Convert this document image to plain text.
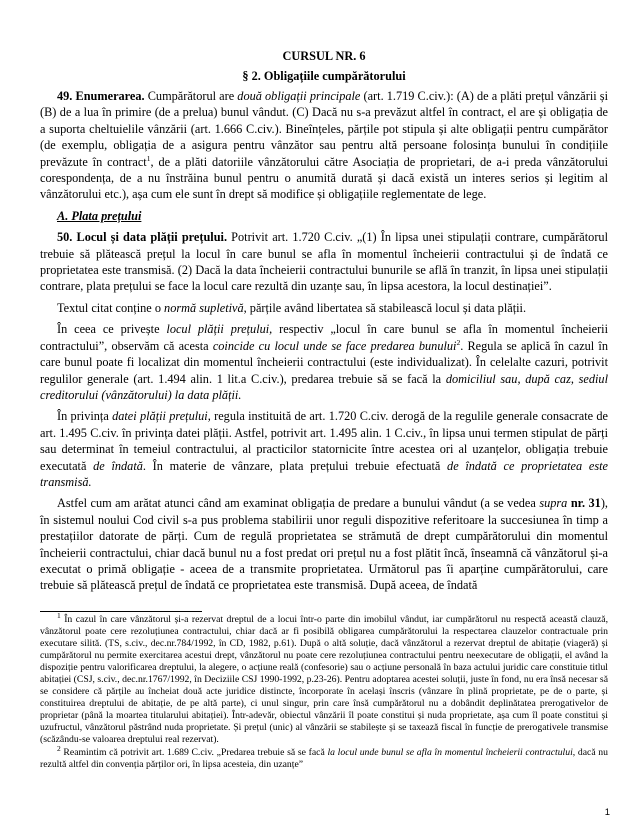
CURSUL NR. 6
§ 2. Obligațiile cumpărătorului

49. Enumerarea. Cumpărătorul are două obligații principale (art. 1.719 C.civ.): (A) de a plăti prețul vânzării și (B) de a lua în primire (de a prelua) bunul vândut. (C) Dacă nu s-a prevăzut altfel în contract, el are și obligația de a suporta cheltuielile vânzării (art. 1.666 C.civ.). Bineînțeles, părțile pot stipula și alte obligații pentru cumpărător (de exemplu, obligația de a asigura pentru vânzător sau pentru altă persoane folosința bunului în condițiile prevăzute în contract$^1$, de a plăti datoriile vânzătorului către Asociația de proprietari, de a-i preda vânzătorului corespondența, de a nu înstrăina bunul pentru o anumită durată și dacă există un interes serios și legitim al vânzătorului etc.), așa cum ele sunt în drept să modifice și obligațiile reglementate de lege.

A. Plata prețului

50. Locul și data plății prețului. Potrivit art. 1.720 C.civ. „(1) În lipsa unei stipulații contrare, cumpărătorul trebuie să plătească prețul la locul în care bunul se afla în momentul încheierii contractului și de îndată ce proprietatea este transmisă. (2) Dacă la data încheierii contractului bunurile se află în tranzit, în lipsa unei stipulații contrare, plata prețului se face la locul care rezultă din uzanțe sau, în lipsa acestora, la locul destinației”.

Textul citat conține o normă supletivă, părțile având libertatea să stabilească locul și data plății.

În ceea ce privește locul plății prețului, respectiv „locul în care bunul se afla în momentul încheierii contractului”, observăm că acesta coincide cu locul unde se face predarea bunului$^2$. Regula se aplică în cazul în care bunul poate fi localizat din momentul încheierii contractului (este individualizat). În celelalte cazuri, potrivit regulilor generale (art. 1.494 alin. 1 lit.a C.civ.), predarea trebuie să se facă la domiciliul sau, după caz, sediul creditorului (vânzătorului) la data plății.

În privința datei plății prețului, regula instituită de art. 1.720 C.civ. derogă de la regulile generale consacrate de art. 1.495 C.civ. în privința datei plății. Astfel, potrivit art. 1.495 alin. 1 C.civ., în lipsa unui termen stipulat de părți sau determinat în temeiul contractului, al practicilor statornicite între acestea ori al uzanțelor, obligația trebuie executată de îndată. În materie de vânzare, plata prețului trebuie efectuată de îndată ce proprietatea este transmisă.

Astfel cum am arătat atunci când am examinat obligația de predare a bunului vândut (a se vedea supra nr. 31), în sistemul noului Cod civil s-a pus problema stabilirii unor reguli dispozitive referitoare la succesiunea în timp a prestațiilor datorate de părți. Cum de regulă proprietatea se strămută de drept cumpărătorului din momentul încheierii contractului, chiar dacă bunul nu a fost predat ori prețul nu a fost plătit încă, înseamnă că vânzătorul și-a executat o primă obligație - aceea de a transmite proprietatea. Următorul pas îi aparține cumpărătorului, care trebuie să plătească prețul de îndată ce proprietatea este transmisă. După aceea, de îndată

$^1$ În cazul în care vânzătorul și-a rezervat dreptul de a locui într-o parte din imobilul vândut, iar cumpărătorul nu respectă această clauză, vânzătorul poate cere rezoluțiunea contractului, chiar dacă ar fi posibilă obligarea cumpărătorului la respectarea clauzelor contractuale prin executare silită. (TS, s.civ., dec.nr.784/1992, în CD, 1982, p.61). După o altă soluție, dacă vânzătorul a rezervat dreptul de abitație (viageră) și cumpărătorul nu permite exercitarea acestui drept, vânzătorul nu poate cere rezoluțiunea contractului pentru neexecutare de obligații, el având la dispoziție pentru valorificarea dreptului, la alegere, o acțiune reală (confesorie) sau o acțiune personală în baza actului juridic care constituie titlul abitației (CSJ, s.civ., dec.nr.1767/1992, în Deciziile CSJ 1990-1992, p.23-26). Pentru adoptarea acestei soluții, juste în fond, nu era însă necesar să se considere că părțile au încheiat două acte juridice distincte, încorporate în același înscris (vânzare în plină proprietate, pe de o parte, și constituirea dreptului de abitație, de pe altă parte), ci unul singur, prin care însă cumpărătorul nu a dobândit deplinătatea prerogativelor de proprietar (până la moartea titularului abitației). Într-adevăr, obiectul vânzării îl poate constitui și nuda proprietate, așa cum îl poate constitui și uzufructul, vânzătorul păstrând nuda proprietate. Și prețul (unic) al vânzării se stabilește și se taxează fiscal în funcție de prerogativele transmise (scăzându-se valoarea dreptului real rezervat).

$^2$ Reamintim că potrivit art. 1.689 C.civ. „Predarea trebuie să se facă la locul unde bunul se afla în momentul încheierii contractului, dacă nu rezultă altfel din convenția părților ori, în lipsa acesteia, din uzanțe”

1
